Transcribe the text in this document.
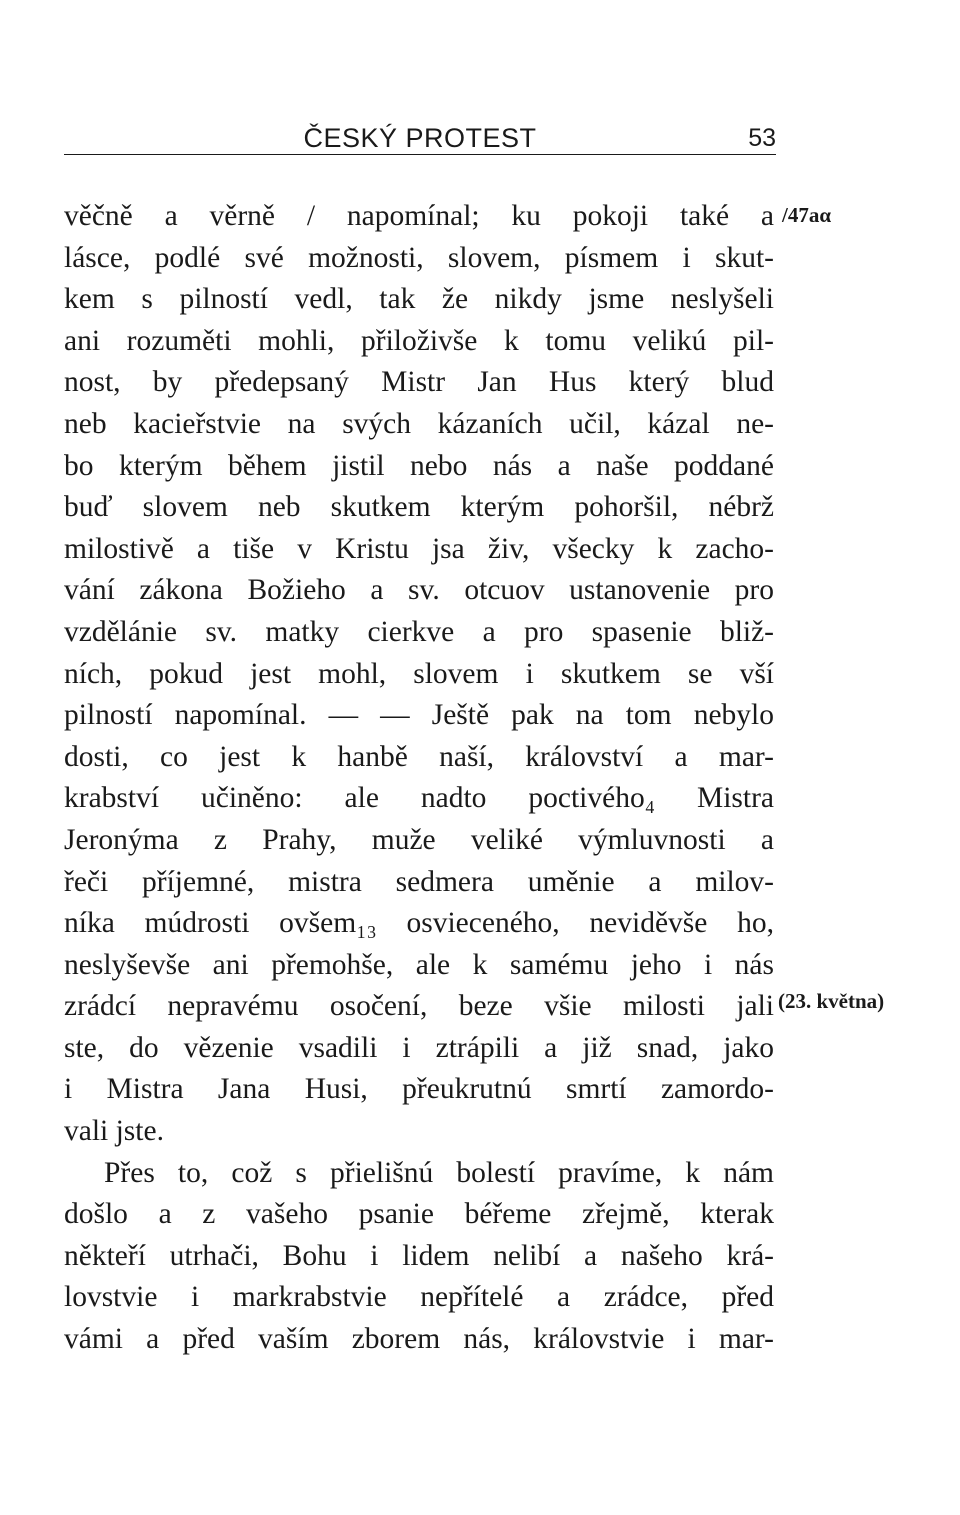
ČESKÝ PROTEST	53
věčně a věrně / napomínal; ku pokoji také a
lásce, podlé své možnosti, slovem, písmem i skut-
kem s pilností vedl, tak že nikdy jsme neslyšeli
ani rozuměti mohli, přiloživše k tomu velikú pil-
nost, by předepsaný Mistr Jan Hus který blud
neb kacieřstvie na svých kázaních učil, kázal ne-
bo kterým během jistil nebo nás a naše poddané
buď slovem neb skutkem kterým pohoršil, nébrž
milostivě a tiše v Kristu jsa živ, všecky k zacho-
vání zákona Božieho a sv. otcuov ustanovenie pro
vzdělánie sv. matky cierkve a pro spasenie bliž-
ních, pokud jest mohl, slovem i skutkem se vší
pilností napomínal. — — Ještě pak na tom nebylo
dosti, co jest k hanbě naší, království a mar-
krabství učiněno: ale nadto poctivého₄ Mistra
Jeronýma z Prahy, muže veliké výmluvnosti a
řeči příjemné, mistra sedmera uměnie a milov-
níka múdrosti ovšem₁₃ osvieceného, neviděvše ho,
neslyševše ani přemohše, ale k samému jeho i nás
zrádcí nepravému osočení, beze všie milosti jali
ste, do vězenie vsadili i ztrápili a již snad, jako
i Mistra Jana Husi, přeukrutnú smrtí zamordo-
vali jste.
Přes to, což s přielišnú bolestí pravíme, k nám
došlo a z vašeho psanie béřeme zřejmě, kterak
někteří utrhači, Bohu i lidem nelibí a našeho krá-
lovstvie i markrabstvie nepřítelé a zrádce, před
vámi a před vaším zborem nás, královstvie i mar-
/47aα
(23. května)
